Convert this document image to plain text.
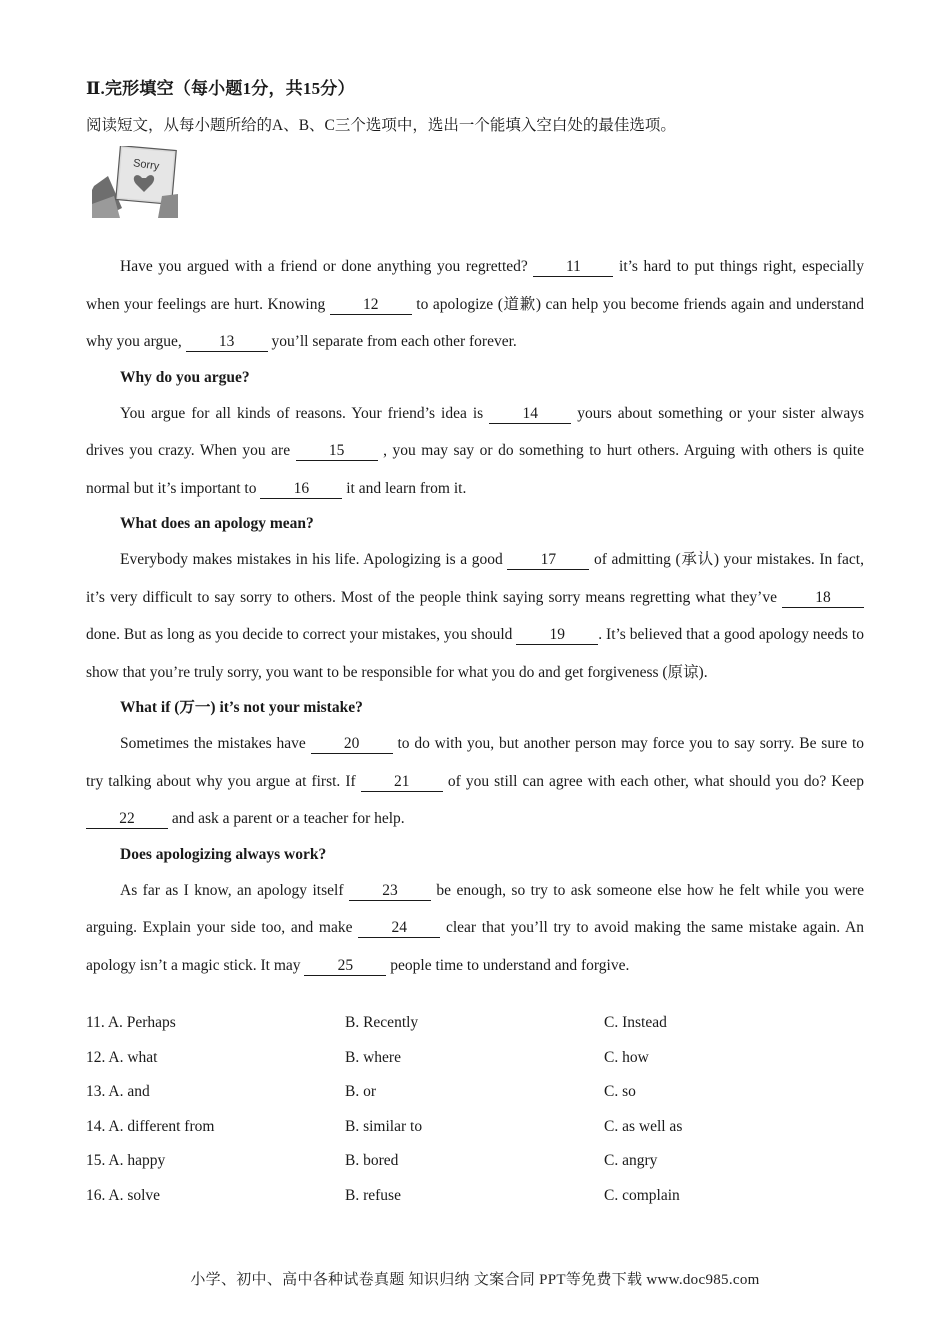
Ⅱ.完形填空（每小题1分，共15分）
阅读短文，从每小题所给的A、B、C三个选项中，选出一个能填入空白处的最佳选项。
Sorry

Have you argued with a friend or done anything you regretted? 11 it’s hard to put things right, especially when your feelings are hurt. Knowing 12 to apologize (道歉) can help you become friends again and understand why you argue, 13 you’ll separate from each other forever.

Why do you argue?

You argue for all kinds of reasons. Your friend’s idea is 14 yours about something or your sister always drives you crazy. When you are 15 , you may say or do something to hurt others. Arguing with others is quite normal but it’s important to 16 it and learn from it.

What does an apology mean?

Everybody makes mistakes in his life. Apologizing is a good 17 of admitting (承认) your mistakes. In fact, it’s very difficult to say sorry to others. Most of the people think saying sorry means regretting what they’ve 18 done. But as long as you decide to correct your mistakes, you should 19 . It’s believed that a good apology needs to show that you’re truly sorry, you want to be responsible for what you do and get forgiveness (原谅).

What if (万一) it’s not your mistake?

Sometimes the mistakes have 20 to do with you, but another person may force you to say sorry. Be sure to try talking about why you argue at first. If 21 of you still can agree with each other, what should you do? Keep 22 and ask a parent or a teacher for help.

Does apologizing always work?

As far as I know, an apology itself 23 be enough, so try to ask someone else how he felt while you were arguing. Explain your side too, and make 24 clear that you’ll try to avoid making the same mistake again. An apology isn’t a magic stick. It may 25 people time to understand and forgive.

11. A. Perhaps	B. Recently	C. Instead
12. A. what	B. where	C. how
13. A. and	B. or	C. so
14. A. different from	B. similar to	C. as well as
15. A. happy	B. bored	C. angry
16. A. solve	B. refuse	C. complain
小学、初中、高中各种试卷真题 知识归纳 文案合同 PPT等免费下载 www.doc985.com
